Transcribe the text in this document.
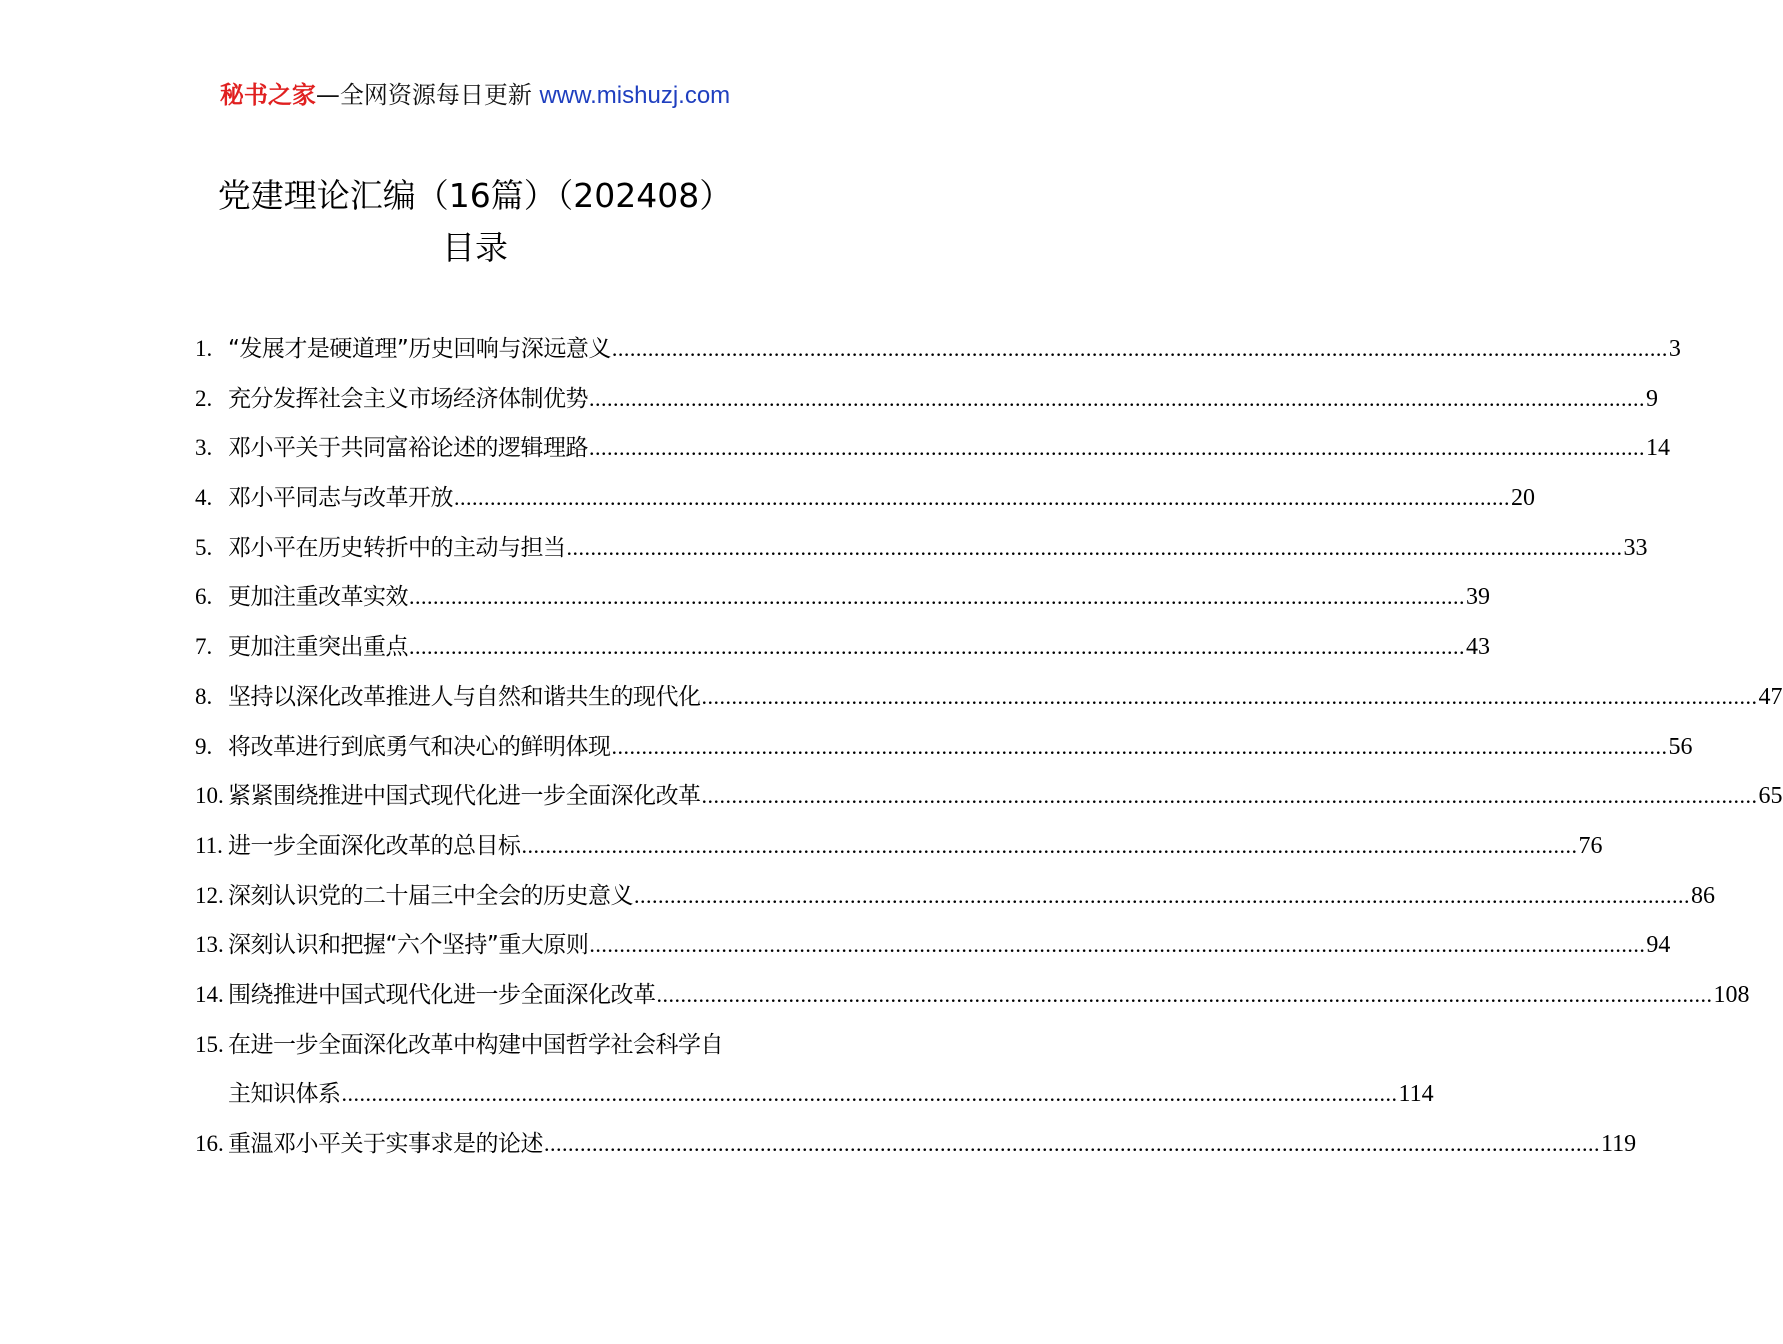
秘书之家—全网资源每日更新 www.mishuzj.com
党建理论汇编（16篇）（202408）
目录
1. “发展才是硬道理”历史回响与深远意义 .....	3
2. 充分发挥社会主义市场经济体制优势 .....	9
3. 邓小平关于共同富裕论述的逻辑理路 .....	14
4. 邓小平同志与改革开放 .....	20
5. 邓小平在历史转折中的主动与担当 .....	33
6. 更加注重改革实效 .....	39
7. 更加注重突出重点 .....	43
8. 坚持以深化改革推进人与自然和谐共生的现代化 .....	47
9. 将改革进行到底勇气和决心的鲜明体现 .....	56
10. 紧紧围绕推进中国式现代化进一步全面深化改革 .....	65
11. 进一步全面深化改革的总目标 .....	76
12. 深刻认识党的二十届三中全会的历史意义 .....	86
13. 深刻认识和把握“六个坚持”重大原则 .....	94
14. 围绕推进中国式现代化进一步全面深化改革 .....	108
15. 在进一步全面深化改革中构建中国哲学社会科学自
主知识体系 .....	114
16. 重温邓小平关于实事求是的论述 .....	119
